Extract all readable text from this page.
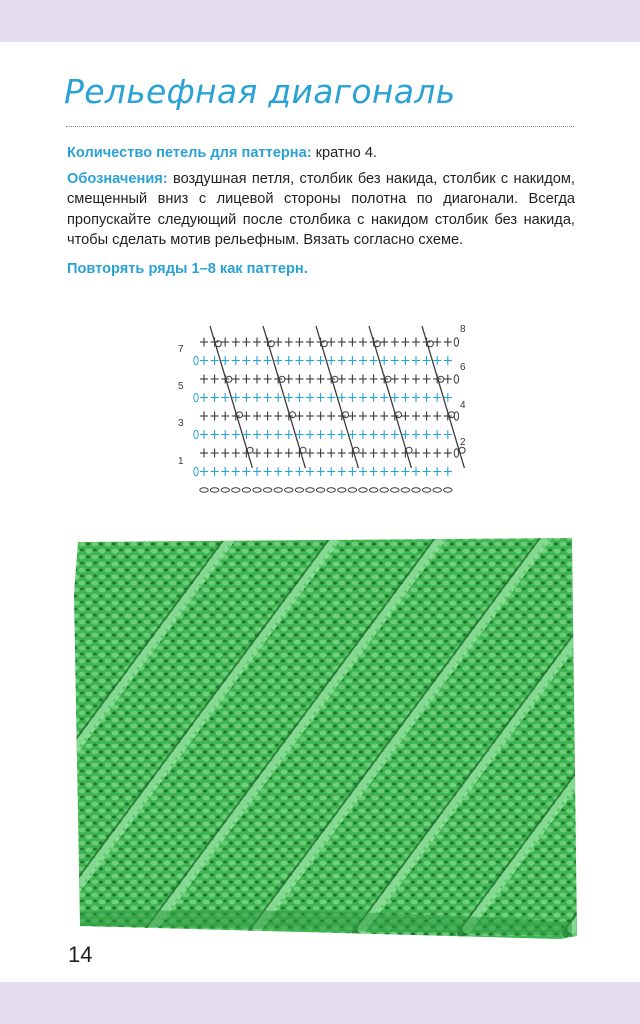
Рельефная диагональ

Количество петель для паттерна: кратно 4.

Обозначения: воздушная петля, столбик без накида, столбик с накидом, смещенный вниз с лицевой стороны полотна по диагонали. Всегда пропускайте следующий после столбика с накидом столбик без накида, чтобы сделать мотив рельефным. Вязать согласно схеме.

Повторять ряды 1–8 как паттерн.

7
5
3
1
8
6
4
2
14
